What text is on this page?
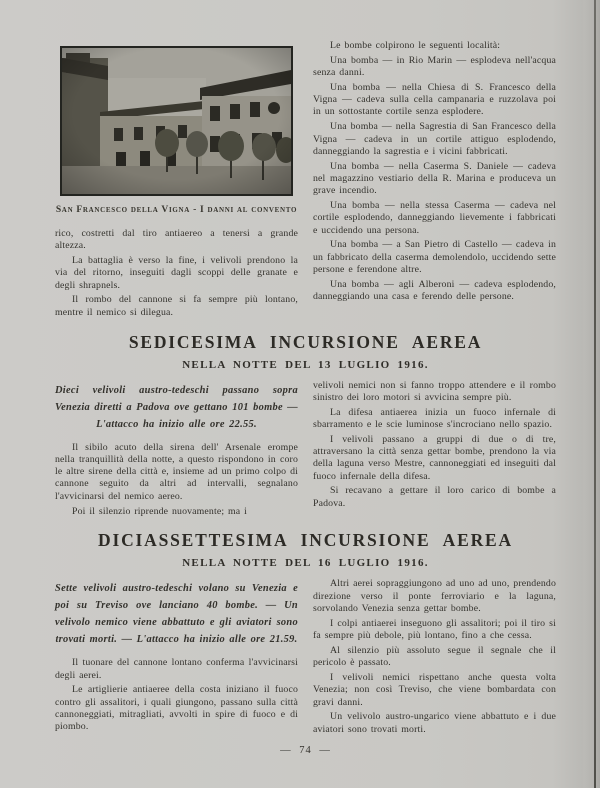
San Francesco della Vigna - I danni al convento

rico, costretti dal tiro antiaereo a tenersi a grande altezza.

La battaglia è verso la fine, i velivoli prendono la via del ritorno, inseguiti dagli scoppi delle granate e degli shrapnels.

Il rombo del cannone si fa sempre più lontano, mentre il nemico si dilegua.

Le bombe colpirono le seguenti località:

Una bomba — in Rio Marin — esplodeva nell'acqua senza danni.

Una bomba — nella Chiesa di S. Francesco della Vigna — cadeva sulla cella campanaria e ruzzolava poi in un sottostante cortile senza esplodere.

Una bomba — nella Sagrestia di San Francesco della Vigna — cadeva in un cortile attiguo esplodendo, danneggiando la sagrestia e i vicini fabbricati.

Una bomba — nella Caserma S. Daniele — cadeva nel magazzino vestiario della R. Marina e produceva un grave incendio.

Una bomba — nella stessa Caserma — cadeva nel cortile esplodendo, danneggiando lievemente i fabbricati e uccidendo una persona.

Una bomba — a San Pietro di Castello — cadeva in un fabbricato della caserma demolendolo, uccidendo sette persone e ferendone altre.

Una bomba — agli Alberoni — cadeva esplodendo, danneggiando una casa e ferendo delle persone.

SEDICESIMA INCURSIONE AEREA
NELLA NOTTE DEL 13 LUGLIO 1916.

Dieci velivoli austro-tedeschi passano sopra Venezia diretti a Padova ove gettano 101 bombe — L'attacco ha inizio alle ore 22.55.

Il sibilo acuto della sirena dell' Arsenale erompe nella tranquillità della notte, a questo rispondono in coro le altre sirene della città e, insieme ad un primo colpo di cannone seguito da altri ad intervalli, segnalano l'avvicinarsi del nemico aereo.

Poi il silenzio riprende nuovamente; ma i

velivoli nemici non si fanno troppo attendere e il rombo sinistro dei loro motori si avvicina sempre più.

La difesa antiaerea inizia un fuoco infernale di sbarramento e le scie luminose s'incrociano nello spazio.

I velivoli passano a gruppi di due o di tre, attraversano la città senza gettar bombe, prendono la via della laguna verso Mestre, cannoneggiati ed inseguiti dal fuoco infernale della difesa.

Si recavano a gettare il loro carico di bombe a Padova.

DICIASSETTESIMA INCURSIONE AEREA
NELLA NOTTE DEL 16 LUGLIO 1916.

Sette velivoli austro-tedeschi volano su Venezia e poi su Treviso ove lanciano 40 bombe. — Un velivolo nemico viene abbattuto e gli aviatori sono trovati morti. — L'attacco ha inizio alle ore 21.59.

Il tuonare del cannone lontano conferma l'avvicinarsi degli aerei.

Le artiglierie antiaeree della costa iniziano il fuoco contro gli assalitori, i quali giungono, passano sulla città cannoneggiati, mitragliati, avvolti in spire di fuoco e di piombo.

Altri aerei sopraggiungono ad uno ad uno, prendendo direzione verso il ponte ferroviario e la laguna, sorvolando Venezia senza gettar bombe.

I colpi antiaerei inseguono gli assalitori; poi il tiro si fa sempre più debole, più lontano, fino a che cessa.

Al silenzio più assoluto segue il segnale che il pericolo è passato.

I velivoli nemici rispettano anche questa volta Venezia; non così Treviso, che viene bombardata con gravi danni.

Un velivolo austro-ungarico viene abbattuto e i due aviatori sono trovati morti.

— 74 —
